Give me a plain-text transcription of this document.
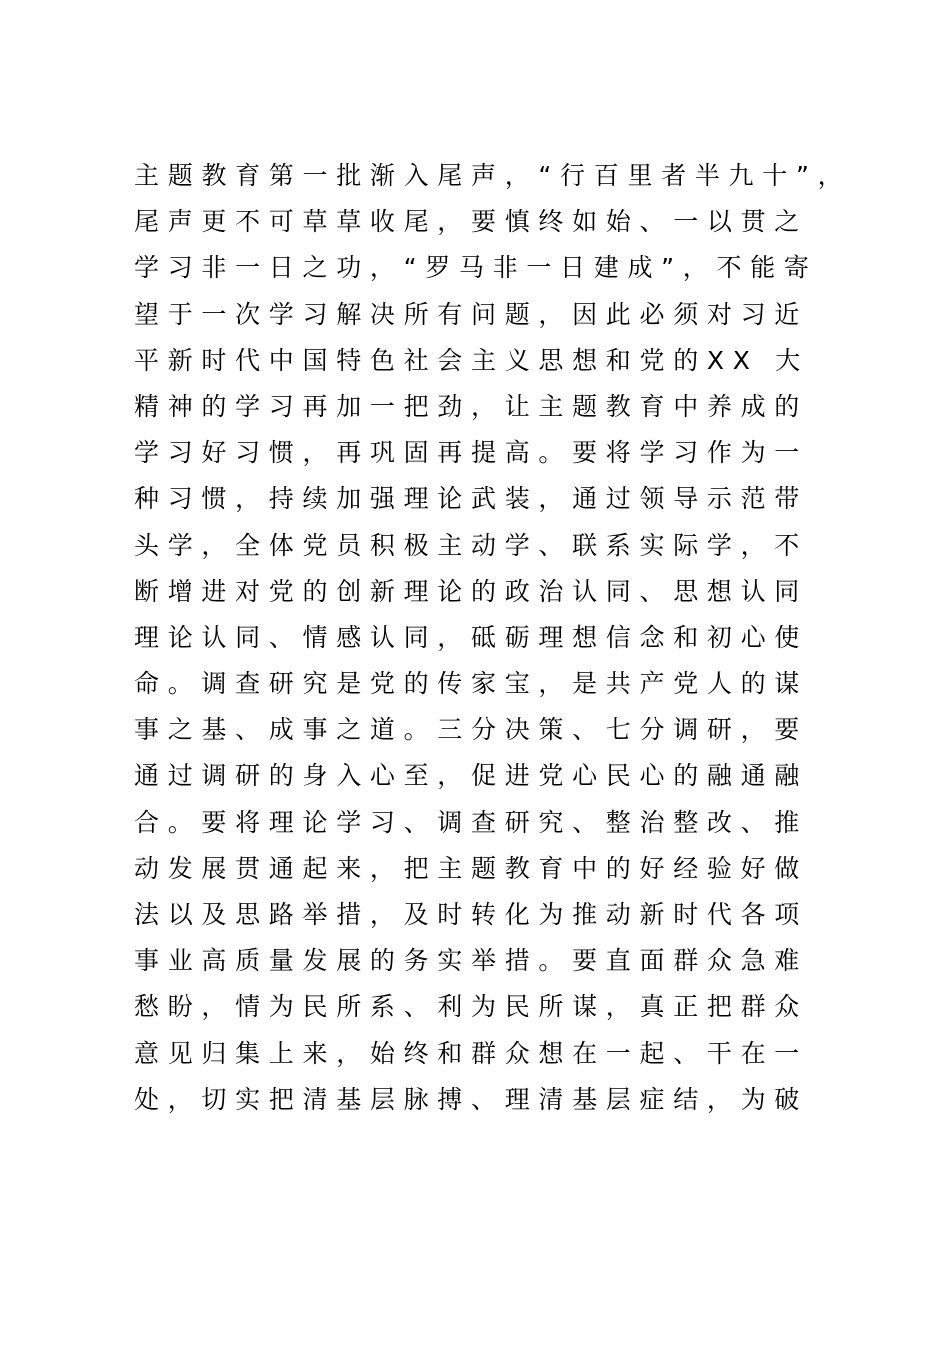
主题教育第一批渐入尾声，“行百里者半九十”，
尾声更不可草草收尾，要慎终如始、一以贯之
学习非一日之功，“罗马非一日建成”，不能寄
望于一次学习解决所有问题，因此必须对习近
平新时代中国特色社会主义思想和党的XX 大
精神的学习再加一把劲，让主题教育中养成的
学习好习惯，再巩固再提高。要将学习作为一
种习惯，持续加强理论武装，通过领导示范带
头学，全体党员积极主动学、联系实际学，不
断增进对党的创新理论的政治认同、思想认同
理论认同、情感认同，砥砺理想信念和初心使
命。调查研究是党的传家宝，是共产党人的谋
事之基、成事之道。三分决策、七分调研，要
通过调研的身入心至，促进党心民心的融通融
合。要将理论学习、调查研究、整治整改、推
动发展贯通起来，把主题教育中的好经验好做
法以及思路举措，及时转化为推动新时代各项
事业高质量发展的务实举措。要直面群众急难
愁盼，情为民所系、利为民所谋，真正把群众
意见归集上来，始终和群众想在一起、干在一
处，切实把清基层脉搏、理清基层症结，为破
